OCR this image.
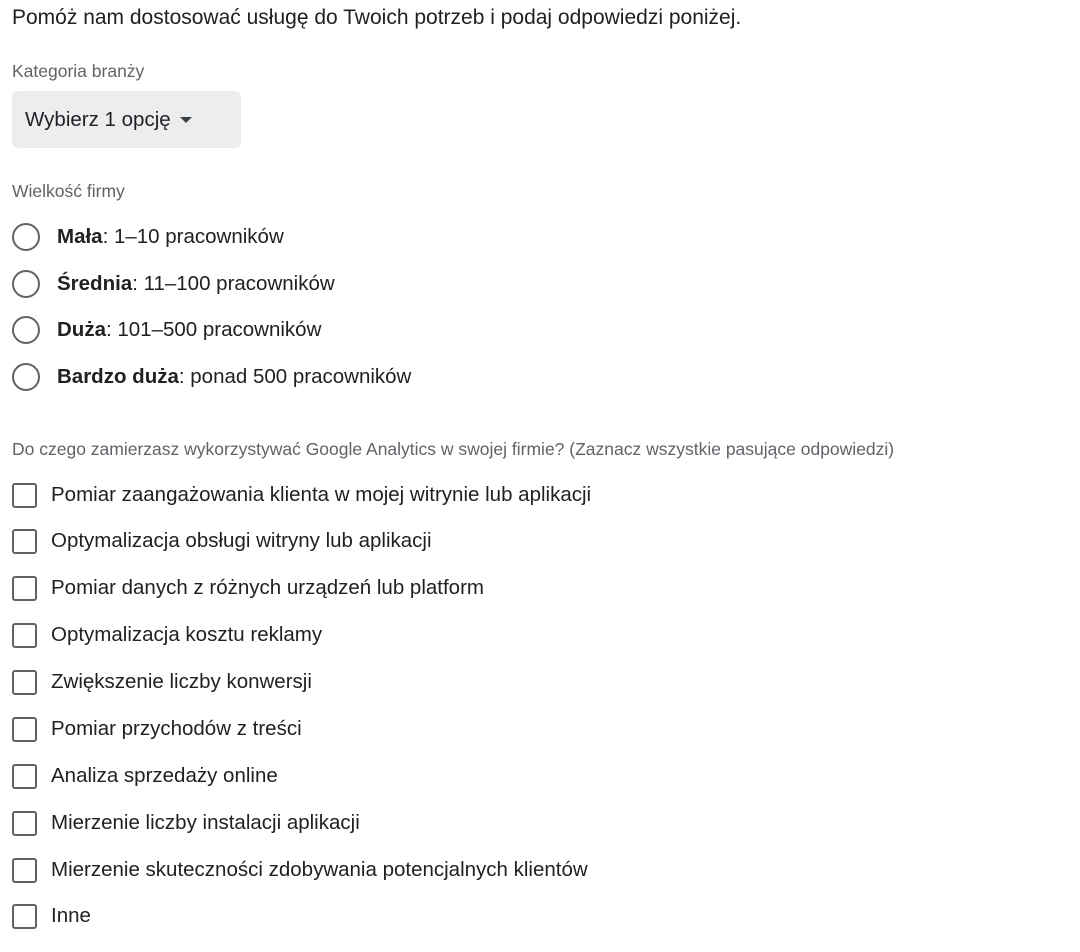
Pomóż nam dostosować usługę do Twoich potrzeb i podaj odpowiedzi poniżej.
Kategoria branży
Wybierz 1 opcję
Wielkość firmy
Mała: 1–10 pracowników
Średnia: 11–100 pracowników
Duża: 101–500 pracowników
Bardzo duża: ponad 500 pracowników
Do czego zamierzasz wykorzystywać Google Analytics w swojej firmie? (Zaznacz wszystkie pasujące odpowiedzi)
Pomiar zaangażowania klienta w mojej witrynie lub aplikacji
Optymalizacja obsługi witryny lub aplikacji
Pomiar danych z różnych urządzeń lub platform
Optymalizacja kosztu reklamy
Zwiększenie liczby konwersji
Pomiar przychodów z treści
Analiza sprzedaży online
Mierzenie liczby instalacji aplikacji
Mierzenie skuteczności zdobywania potencjalnych klientów
Inne
